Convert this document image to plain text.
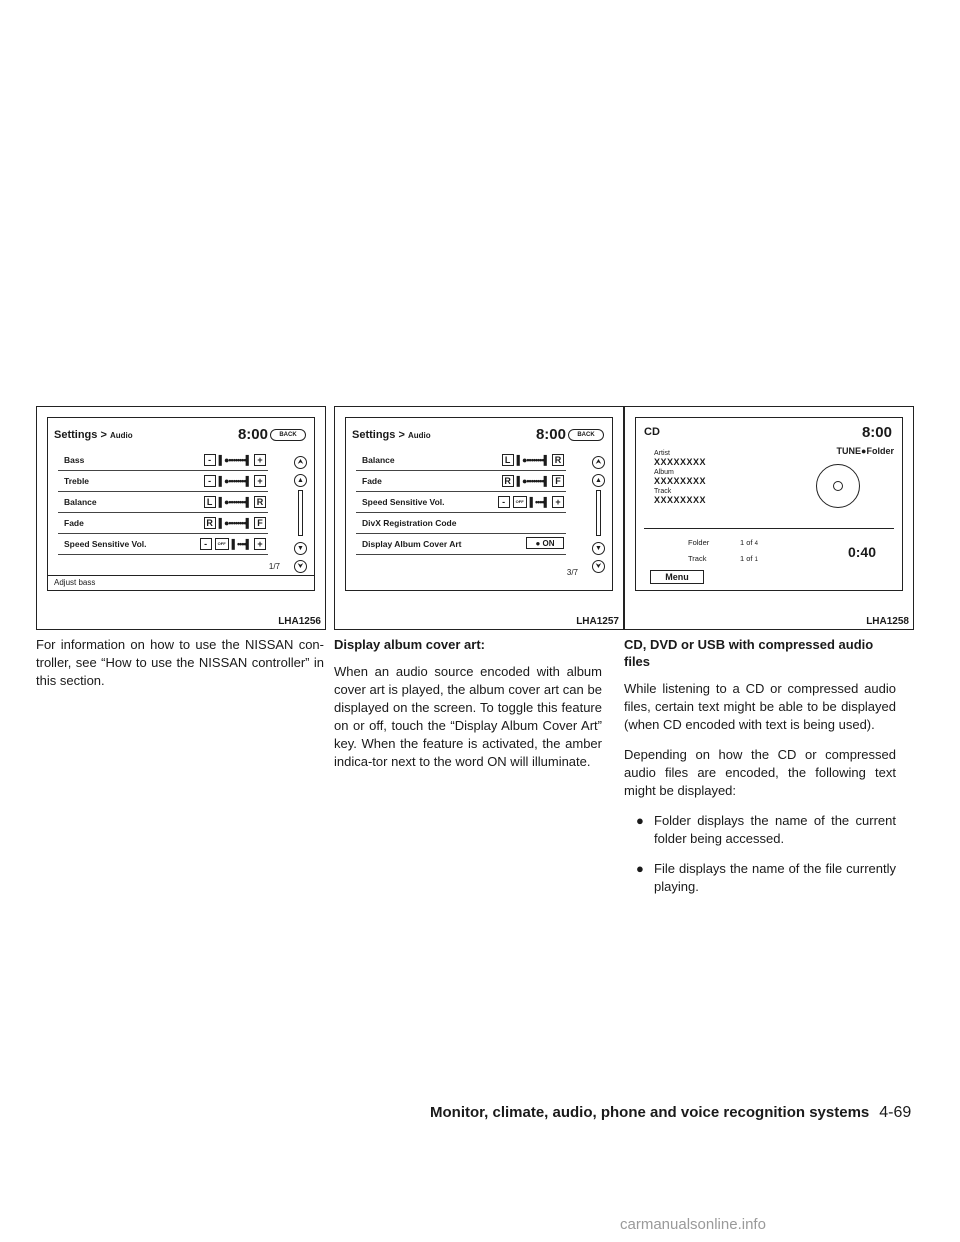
Settings > Audio	8:00	BACK
Bass	- ▌●••••••••▌ +
Treble	- ▌●••••••••▌ +
Balance	L ▌●••••••••▌ R
Fade	R ▌●••••••••▌ F
Speed Sensitive Vol.	-	OFF ▌••••▌ +
⮝
▲
▼
⮟
1/7
Adjust bass
LHA1256
Settings > Audio	8:00	BACK
Balance	L ▌●••••••••▌ R
Fade	R ▌●••••••••▌ F
Speed Sensitive Vol.	-	OFF ▌••••▌ +
DivX Registration Code
Display Album Cover Art	● ON
⮝
▲
▼
⮟
3/7
LHA1257
CD	8:00
TUNE●Folder
Artist
XXXXXXXX
Album
XXXXXXXX
Track
XXXXXXXX
Folder	1 of 4
Track	1 of 1	0:40
Menu
LHA1258

For information on how to use the NISSAN con-troller, see “How to use the NISSAN controller” in this section.

Display album cover art:

When an audio source encoded with album cover art is played, the album cover art can be displayed on the screen. To toggle this feature on or off, touch the “Display Album Cover Art” key. When the feature is activated, the amber indica-tor next to the word ON will illuminate.

CD, DVD or USB with compressed audio files

While listening to a CD or compressed audio files, certain text might be able to be displayed (when CD encoded with text is being used).

Depending on how the CD or compressed audio files are encoded, the following text might be displayed:

● Folder displays the name of the current folder being accessed.
● File displays the name of the file currently playing.
Monitor, climate, audio, phone and voice recognition systems 4-69
carmanualsonline.info
